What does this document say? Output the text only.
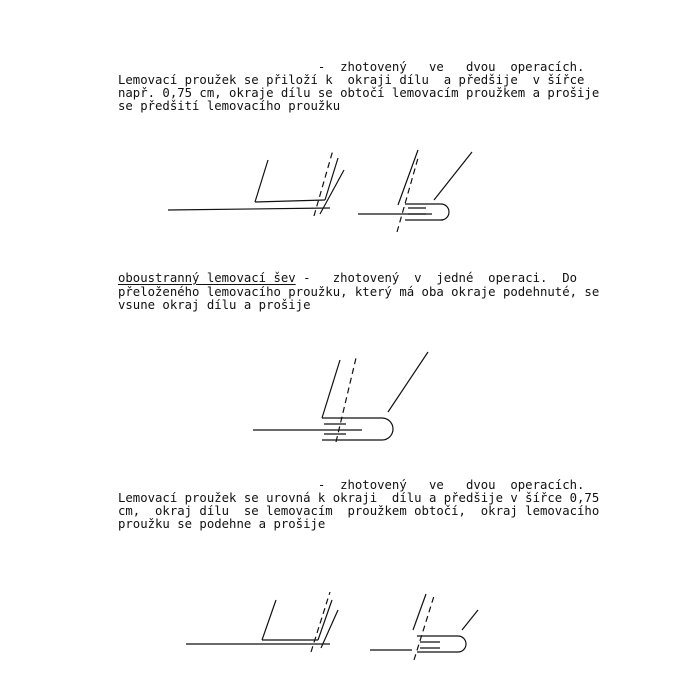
-  zhotovený   ve   dvou  operacích.
Lemovací proužek se přiloží k  okraji dílu  a předšije  v šířce
např. 0,75 cm, okraje dílu se obtočí lemovacím proužkem a prošije
se předšití lemovacího proužku
oboustranný lemovací šev -   zhotovený  v  jedné  operaci.  Do
přeloženého lemovacího proužku, který má oba okraje podehnuté, se
vsune okraj dílu a prošije
-  zhotovený   ve   dvou  operacích.
Lemovací proužek se urovná k okraji  dílu a předšije v šířce 0,75
cm,  okraj dílu  se lemovacím  proužkem obtočí,  okraj lemovacího
proužku se podehne a prošije
